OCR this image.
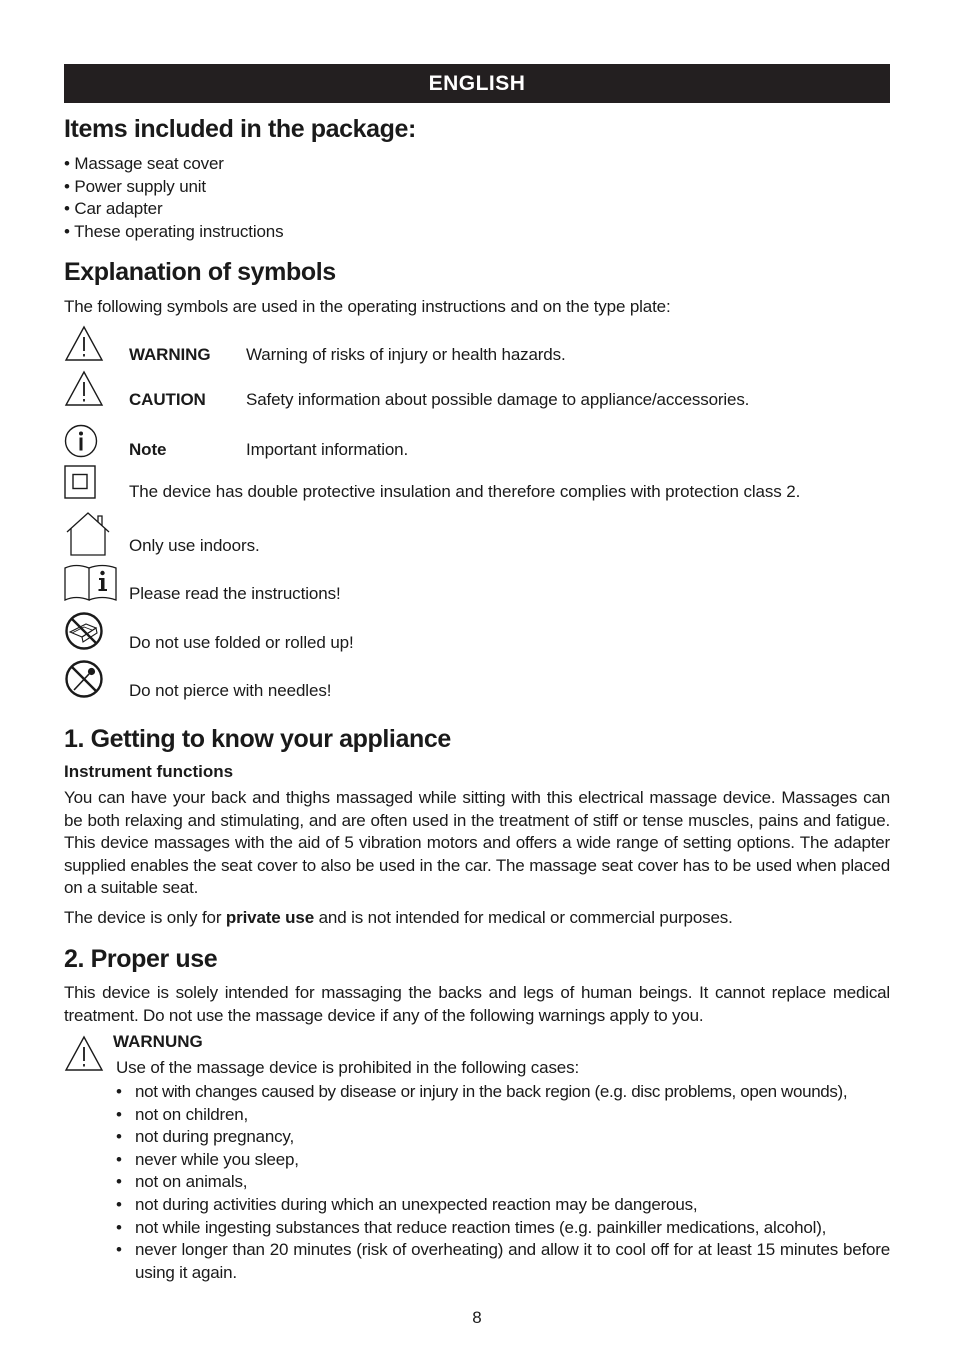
ENGLISH
Items included in the package:
• Massage seat cover
• Power supply unit
• Car adapter
• These operating instructions
Explanation of symbols
The following symbols are used in the operating instructions and on the type plate:
WARNING Warning of risks of injury or health hazards.
CAUTION Safety information about possible damage to appliance/accessories.
Note	Important information.
The device has double protective insulation and therefore complies with protection class 2.
Only use indoors.
Please read the instructions!
Do not use folded or rolled up!
Do not pierce with needles!
1. Getting to know your appliance
Instrument functions
You can have your back and thighs massaged while sitting with this electrical massage device. Massages can be both relaxing and stimulating, and are often used in the treatment of stiff or tense muscles, pains and fatigue. This device massages with the aid of 5 vibration motors and offers a wide range of setting options. The adapter supplied enables the seat cover to also be used in the car. The massage seat cover has to be used when placed on a suitable seat.
The device is only for private use and is not intended for medical or commercial purposes.
2. Proper use
This device is solely intended for massaging the backs and legs of human beings. It cannot replace medical treatment. Do not use the massage device if any of the following warnings apply to you.
WARNUNG
Use of the massage device is prohibited in the following cases:
• not with changes caused by disease or injury in the back region (e.g. disc problems, open wounds),
• not on children,
• not during pregnancy,
• never while you sleep,
• not on animals,
• not during activities during which an unexpected reaction may be dangerous,
• not while ingesting substances that reduce reaction times (e.g. painkiller medications, alcohol),
• never longer than 20 minutes (risk of overheating) and allow it to cool off for at least 15 minutes before using it again.
8
